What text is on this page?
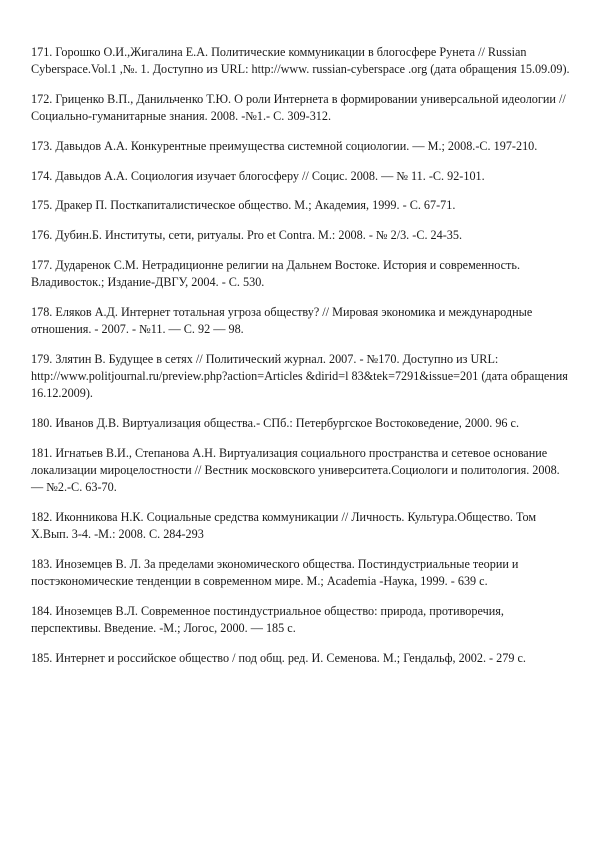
171. Горошко О.И.,Жигалина Е.А. Политические коммуникации в блогосфере Рунета // Russian Cyberspace.Vol.1 ,№. 1. Доступно из URL: http://www. russian-cyberspace .org (дата обращения 15.09.09).
172. Гриценко В.П., Данильченко Т.Ю. О роли Интернета в формировании универсальной идеологии // Социально-гуманитарные знания. 2008. -№1.- С. 309-312.
173. Давыдов А.А. Конкурентные преимущества системной социологии. — М.; 2008.-С. 197-210.
174. Давыдов А.А. Социология изучает блогосферу // Социс. 2008. — № 11. -С. 92-101.
175. Дракер П. Посткапиталистическое общество. М.; Академия, 1999. - С. 67-71.
176. Дубин.Б. Институты, сети, ритуалы. Pro et Contra. М.: 2008. - № 2/3. -С. 24-35.
177. Дударенок С.М. Нетрадиционне религии на Дальнем Востоке. История и современность. Владивосток.; Издание-ДВГУ, 2004. - С. 530.
178. Еляков А.Д. Интернет тотальная угроза обществу? // Мировая экономика и международные отношения. - 2007. - №11. — С. 92 — 98.
179. Злятин В. Будущее в сетях // Политический журнал. 2007. - №170. Доступно из URL: http://www.politjournal.ru/preview.php?action=Articles &dirid=l 83&tek=7291&issue=201 (дата обращения 16.12.2009).
180. Иванов Д.В. Виртуализация общества.- СПб.: Петербургское Востоковедение, 2000. 96 с.
181. Игнатьев В.И., Степанова А.Н. Виртуализация социального пространства и сетевое основание локализации мироцелостности // Вестник московского университета.Социологи и политология. 2008. — №2.-С. 63-70.
182. Иконникова Н.К. Социальные средства коммуникации // Личность. Культура.Общество. Том Х.Вып. 3-4. -М.: 2008. С. 284-293
183. Иноземцев В. Л. За пределами экономического общества. Постиндустриальные теории и постэкономические тенденции в современном мире. М.; Academia -Наука, 1999. - 639 с.
184. Иноземцев В.Л. Современное постиндустриальное общество: природа, противоречия, перспективы. Введение. -М.; Логос, 2000. — 185 с.
185. Интернет и российское общество / под общ. ред. И. Семенова. М.; Гендальф, 2002. - 279 с.
